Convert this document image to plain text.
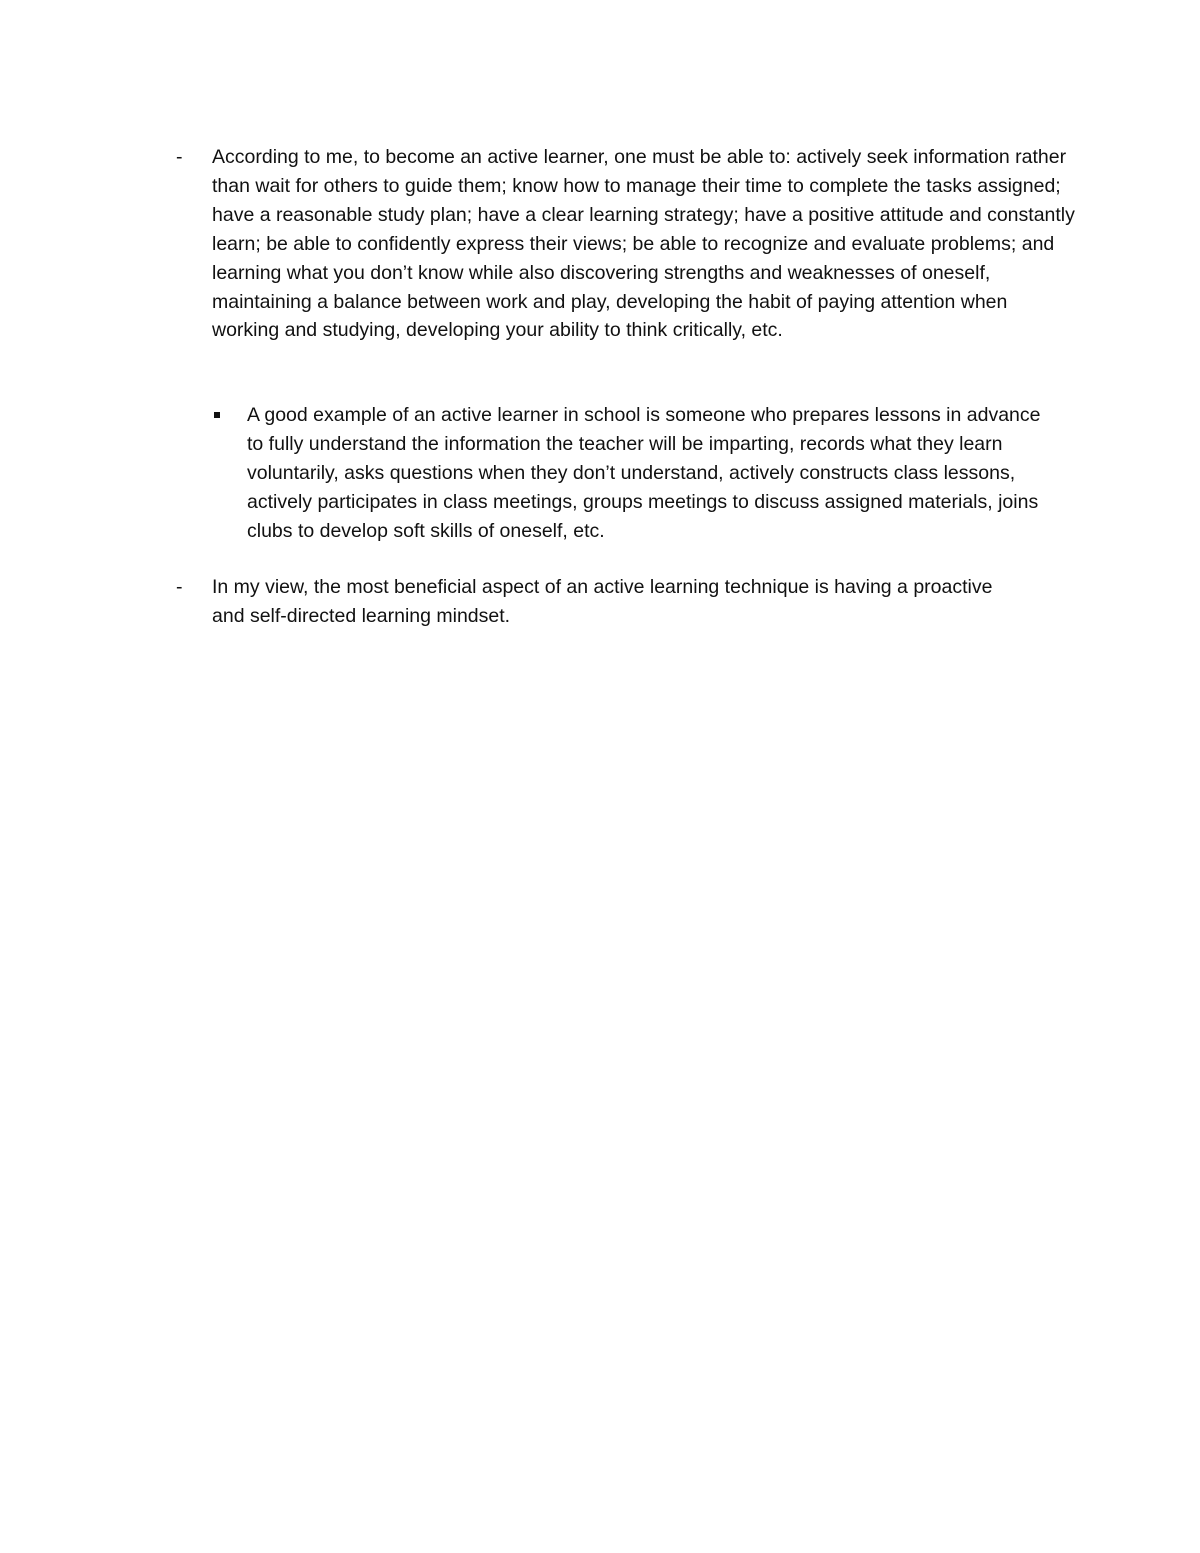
- According to me, to become an active learner, one must be able to: actively seek information rather than wait for others to guide them; know how to manage their time to complete the tasks assigned; have a reasonable study plan; have a clear learning strategy; have a positive attitude and constantly learn; be able to confidently express their views; be able to recognize and evaluate problems; and learning what you don’t know while also discovering strengths and weaknesses of oneself, maintaining a balance between work and play, developing the habit of paying attention when working and studying, developing your ability to think critically, etc.
A good example of an active learner in school is someone who prepares lessons in advance to fully understand the information the teacher will be imparting, records what they learn voluntarily, asks questions when they don’t understand, actively constructs class lessons, actively participates in class meetings, groups meetings to discuss assigned materials, joins clubs to develop soft skills of oneself, etc.
- In my view, the most beneficial aspect of an active learning technique is having a proactive and self-directed learning mindset.
